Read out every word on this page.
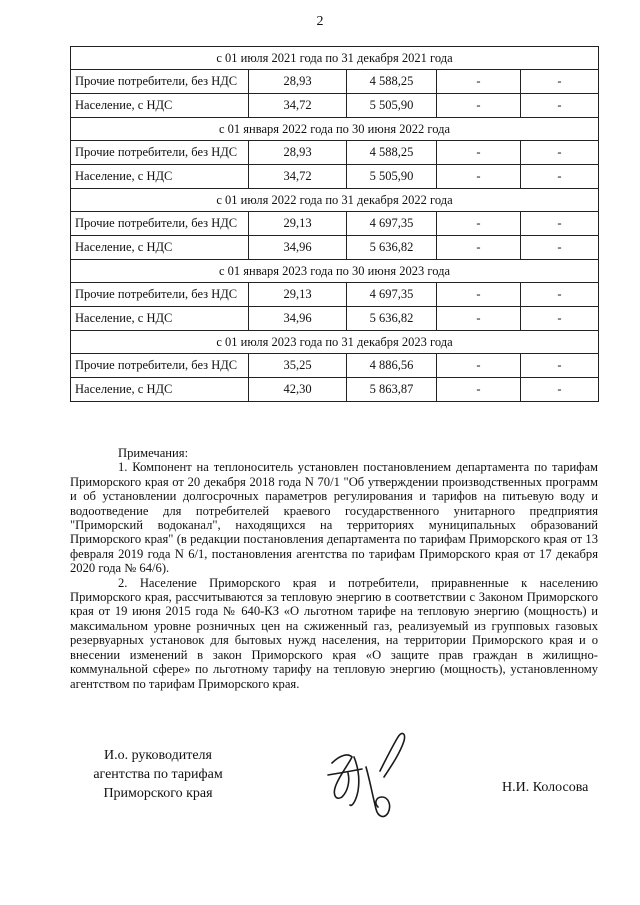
2
с 01 июля 2021 года по 31 декабря 2021 года				
Прочие потребители, без НДС	28,93	4 588,25	-	-
Население, с НДС	34,72	5 505,90	-	-
с 01 января 2022 года по 30 июня 2022 года				
Прочие потребители, без НДС	28,93	4 588,25	-	-
Население, с НДС	34,72	5 505,90	-	-
с 01 июля 2022 года по 31 декабря 2022 года				
Прочие потребители, без НДС	29,13	4 697,35	-	-
Население, с НДС	34,96	5 636,82	-	-
с 01 января 2023 года по 30 июня 2023 года				
Прочие потребители, без НДС	29,13	4 697,35	-	-
Население, с НДС	34,96	5 636,82	-	-
с 01 июля 2023 года по 31 декабря 2023 года				
Прочие потребители, без НДС	35,25	4 886,56	-	-
Население, с НДС	42,30	5 863,87	-	-

Примечания:

1. Компонент на теплоноситель установлен постановлением департамента по тарифам Приморского края от 20 декабря 2018 года N 70/1 "Об утверждении производственных программ и об установлении долгосрочных параметров регулирования и тарифов на питьевую воду и водоотведение для потребителей краевого государственного унитарного предприятия "Приморский водоканал", находящихся на территориях муниципальных образований Приморского края" (в редакции постановления департамента по тарифам Приморского края от 13 февраля 2019 года N 6/1, постановления агентства по тарифам Приморского края от 17 декабря 2020 года № 64/6).

2. Население Приморского края и потребители, приравненные к населению Приморского края, рассчитываются за тепловую энергию в соответствии с Законом Приморского края от 19 июня 2015 года № 640-КЗ «О льготном тарифе на тепловую энергию (мощность) и максимальном уровне розничных цен на сжиженный газ, реализуемый из групповых газовых резервуарных установок для бытовых нужд населения, на территории Приморского края и о внесении изменений в закон Приморского края «О защите прав граждан в жилищно-коммунальной сфере» по льготному тарифу на тепловую энергию (мощность), установленному агентством по тарифам Приморского края.

И.о. руководителя
агентства по тарифам
Приморского края	Н.И. Колосова
